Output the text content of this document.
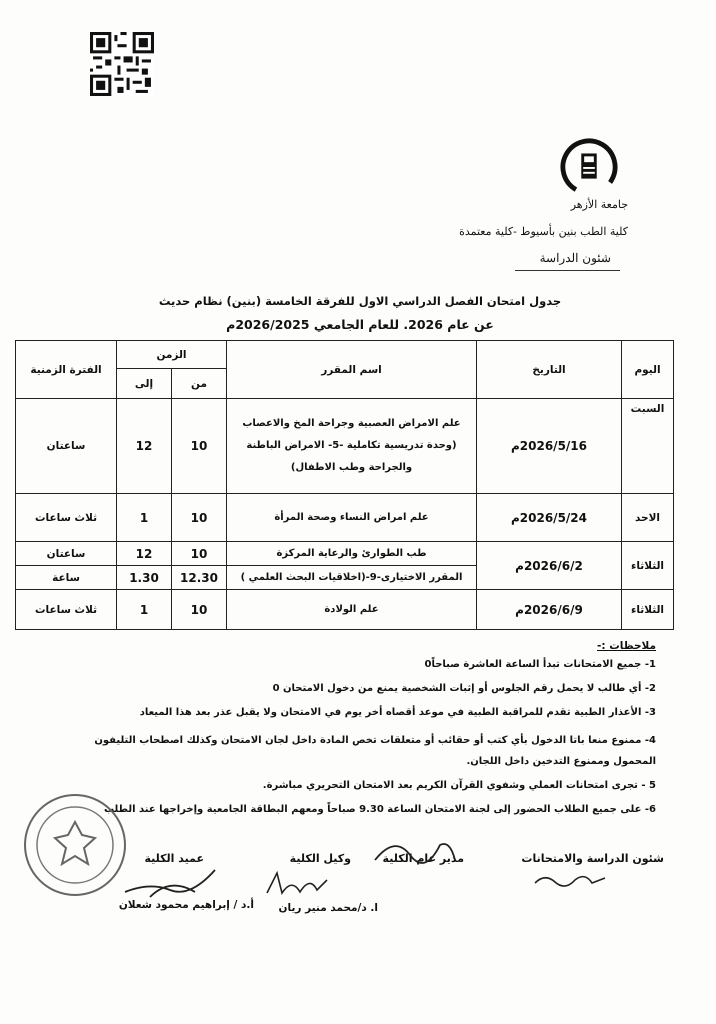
جامعة الأزهر
كلية الطب بنين بأسيوط -كلية معتمدة
شئون الدراسة
جدول امتحان الفصل الدراسي الاول للفرقة الخامسة (بنين) نظام حديث
عن عام 2026. للعام الجامعي 2026/2025م
اليوم	التاريخ	اسم المقرر	الزمن		الفترة الزمنية
			من	إلى	
السبت	2026/5/16م	علم الامراض العصبية وجراحة المخ والاعصاب (وحدة تدريسية تكاملية -5- الامراض الباطنة والجراحة وطب الاطفال)	10	12	ساعتان
الاحد	2026/5/24م	علم امراض النساء وصحة المرأة	10	1	ثلاث ساعات
الثلاثاء	2026/6/2م	طب الطوارئ والرعاية المركزة	10	12	ساعتان
		المقرر الاختيارى-9-(اخلاقيات البحث العلمي )	12.30	1.30	ساعة
الثلاثاء	2026/6/9م	علم الولادة	10	1	ثلاث ساعات
ملاحظات :-
1- جميع الامتحانات تبدأ الساعة العاشرة صباحاً0
2- أي طالب لا يحمل رقم الجلوس أو إثبات الشخصية يمنع من دخول الامتحان 0
3- الأعذار الطبية تقدم للمراقبة الطبية في موعد أقصاه أخر يوم في الامتحان ولا يقبل عذر بعد هذا الميعاد
4- ممنوع منعا باتا الدخول بأي كتب أو حقائب أو متعلقات تخص المادة داخل لجان الامتحان وكذلك اصطحاب التليفون المحمول وممنوع التدخين داخل اللجان.
5 - تجرى امتحانات العملي وشفوي القرآن الكريم بعد الامتحان التحريري مباشرة.
6- على جميع الطلاب الحضور إلى لجنة الامتحان الساعة 9.30 صباحاً ومعهم البطاقة الجامعية وإخراجها عند الطلب
شئون الدراسة والامتحانات
مدير عام الكلية
وكيل الكلية
عميد الكلية
ا. د/محمد منير ريان
أ.د / إبراهيم محمود شعلان
